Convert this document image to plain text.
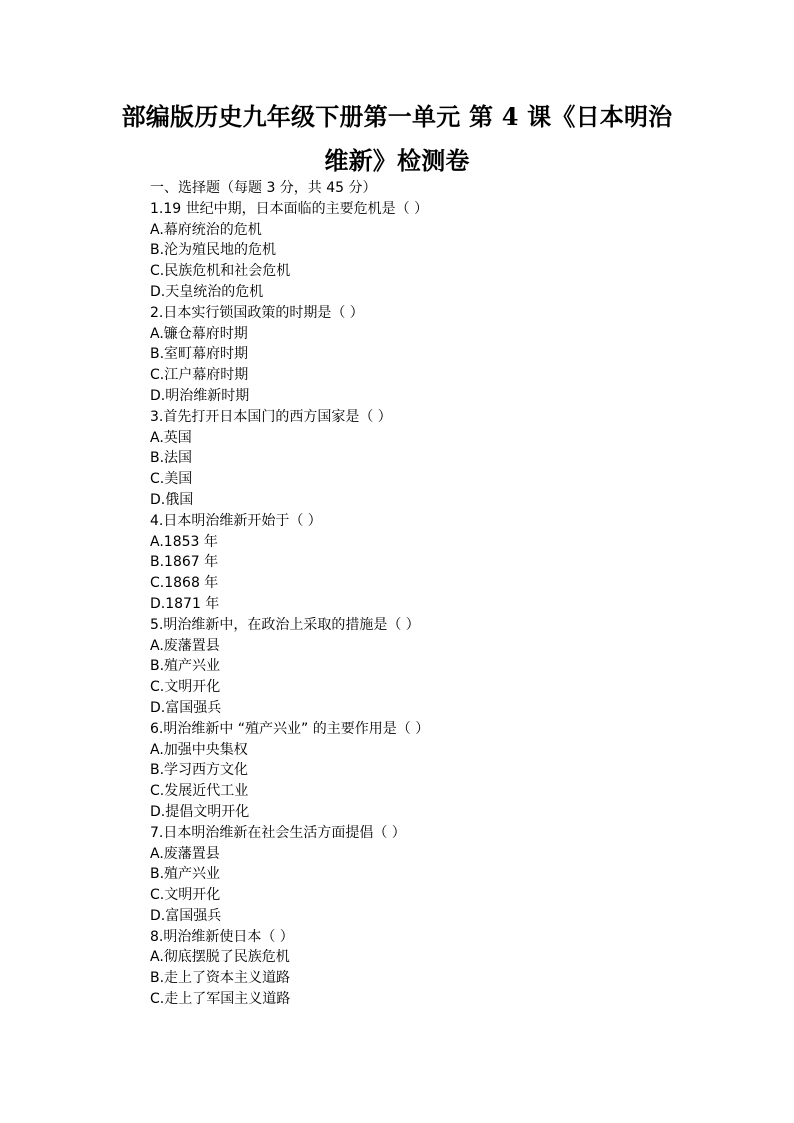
部编版历史九年级下册第一单元 第 4 课《日本明治
维新》检测卷
一、选择题（每题 3 分，共 45 分）
1.19 世纪中期，日本面临的主要危机是（ ）
A.幕府统治的危机
B.沦为殖民地的危机
C.民族危机和社会危机
D.天皇统治的危机
2.日本实行锁国政策的时期是（ ）
A.镰仓幕府时期
B.室町幕府时期
C.江户幕府时期
D.明治维新时期
3.首先打开日本国门的西方国家是（ ）
A.英国
B.法国
C.美国
D.俄国
4.日本明治维新开始于（ ）
A.1853 年
B.1867 年
C.1868 年
D.1871 年
5.明治维新中，在政治上采取的措施是（ ）
A.废藩置县
B.殖产兴业
C.文明开化
D.富国强兵
6.明治维新中 “殖产兴业” 的主要作用是（ ）
A.加强中央集权
B.学习西方文化
C.发展近代工业
D.提倡文明开化
7.日本明治维新在社会生活方面提倡（ ）
A.废藩置县
B.殖产兴业
C.文明开化
D.富国强兵
8.明治维新使日本（ ）
A.彻底摆脱了民族危机
B.走上了资本主义道路
C.走上了军国主义道路
